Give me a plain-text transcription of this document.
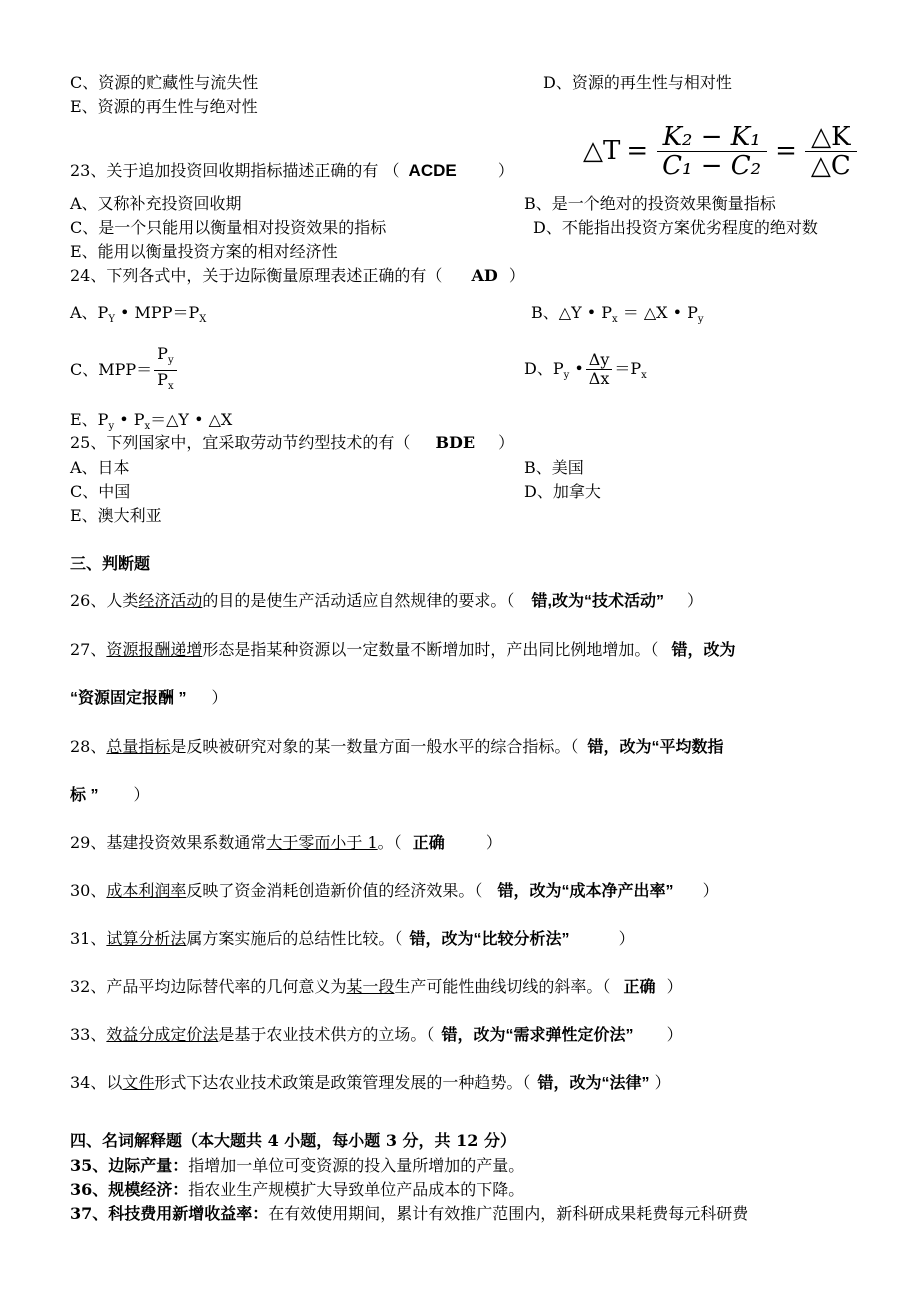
C、资源的贮藏性与流失性	D、资源的再生性与相对性
E、资源的再生性与绝对性
△T = $\frac{\text{K₂ − K₁}}{\text{C₁ − C₂}} = \frac{\triangle K}{\triangle C}$
23、关于追加投资回收期指标描述正确的有 （ ACDE	）
A、又称补充投资回收期	B、是一个绝对的投资效果衡量指标
C、是一个只能用以衡量相对投资效果的指标	D、不能指出投资方案优劣程度的绝对数
E、能用以衡量投资方案的相对经济性
24、下列各式中，关于边际衡量原理表述正确的有（ AD ）
A、$P_Y$ • $MPP=P_X$	B、△Y • $P_x$ ＝ △X • $P_y$
C、$MPP= \frac{P_y}{P_x}$	D、$P_y$ • $\frac{\Delta y}{\Delta x} =P_x$
E、$P_y$ • $P_x=\triangle Y$ • △X
25、下列国家中，宜采取劳动节约型技术的有（ BDE ）
A、日本	B、美国
C、中国	D、加拿大
E、澳大利亚
三、判断题
26、人类经济活动的目的是使生产活动适应自然规律的要求。（ 错,改为“技术活动” ）
27、资源报酬递增形态是指某种资源以一定数量不断增加时，产出同比例地增加。（ 错，改为
“资源固定报酬 ” ）
28、总量指标是反映被研究对象的某一数量方面一般水平的综合指标。（ 错，改为“平均数指
标 ” ）
29、基建投资效果系数通常大于零而小于 1。（ 正确	）
30、成本利润率反映了资金消耗创造新价值的经济效果。（ 错，改为“成本净产出率” ）
31、试算分析法属方案实施后的总结性比较。（ 错，改为“比较分析法”	）
32、产品平均边际替代率的几何意义为某一段生产可能性曲线切线的斜率。（ 正确 ）
33、效益分成定价法是基于农业技术供方的立场。（ 错，改为“需求弹性定价法” ）
34、以文件形式下达农业技术政策是政策管理发展的一种趋势。（ 错，改为“法律” ）
四、名词解释题（本大题共 4 小题，每小题 3 分，共 12 分）
35、边际产量：指增加一单位可变资源的投入量所增加的产量。
36、规模经济：指农业生产规模扩大导致单位产品成本的下降。
37、科技费用新增收益率：在有效使用期间，累计有效推广范围内，新科研成果耗费每元科研费
